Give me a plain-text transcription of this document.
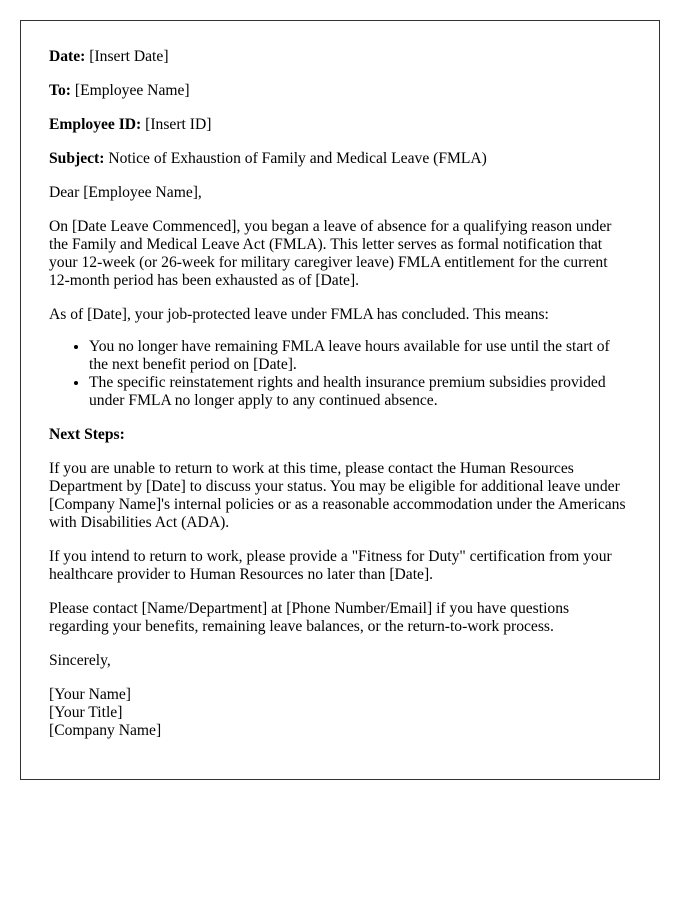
Date: [Insert Date]

To: [Employee Name]

Employee ID: [Insert ID]

Subject: Notice of Exhaustion of Family and Medical Leave (FMLA)

Dear [Employee Name],

On [Date Leave Commenced], you began a leave of absence for a qualifying reason under the Family and Medical Leave Act (FMLA). This letter serves as formal notification that your 12-week (or 26-week for military caregiver leave) FMLA entitlement for the current 12-month period has been exhausted as of [Date].

As of [Date], your job-protected leave under FMLA has concluded. This means:

• You no longer have remaining FMLA leave hours available for use until the start of the next benefit period on [Date].
• The specific reinstatement rights and health insurance premium subsidies provided under FMLA no longer apply to any continued absence.

Next Steps:

If you are unable to return to work at this time, please contact the Human Resources Department by [Date] to discuss your status. You may be eligible for additional leave under [Company Name]'s internal policies or as a reasonable accommodation under the Americans with Disabilities Act (ADA).

If you intend to return to work, please provide a "Fitness for Duty" certification from your healthcare provider to Human Resources no later than [Date].

Please contact [Name/Department] at [Phone Number/Email] if you have questions regarding your benefits, remaining leave balances, or the return-to-work process.

Sincerely,

[Your Name]
[Your Title]
[Company Name]
